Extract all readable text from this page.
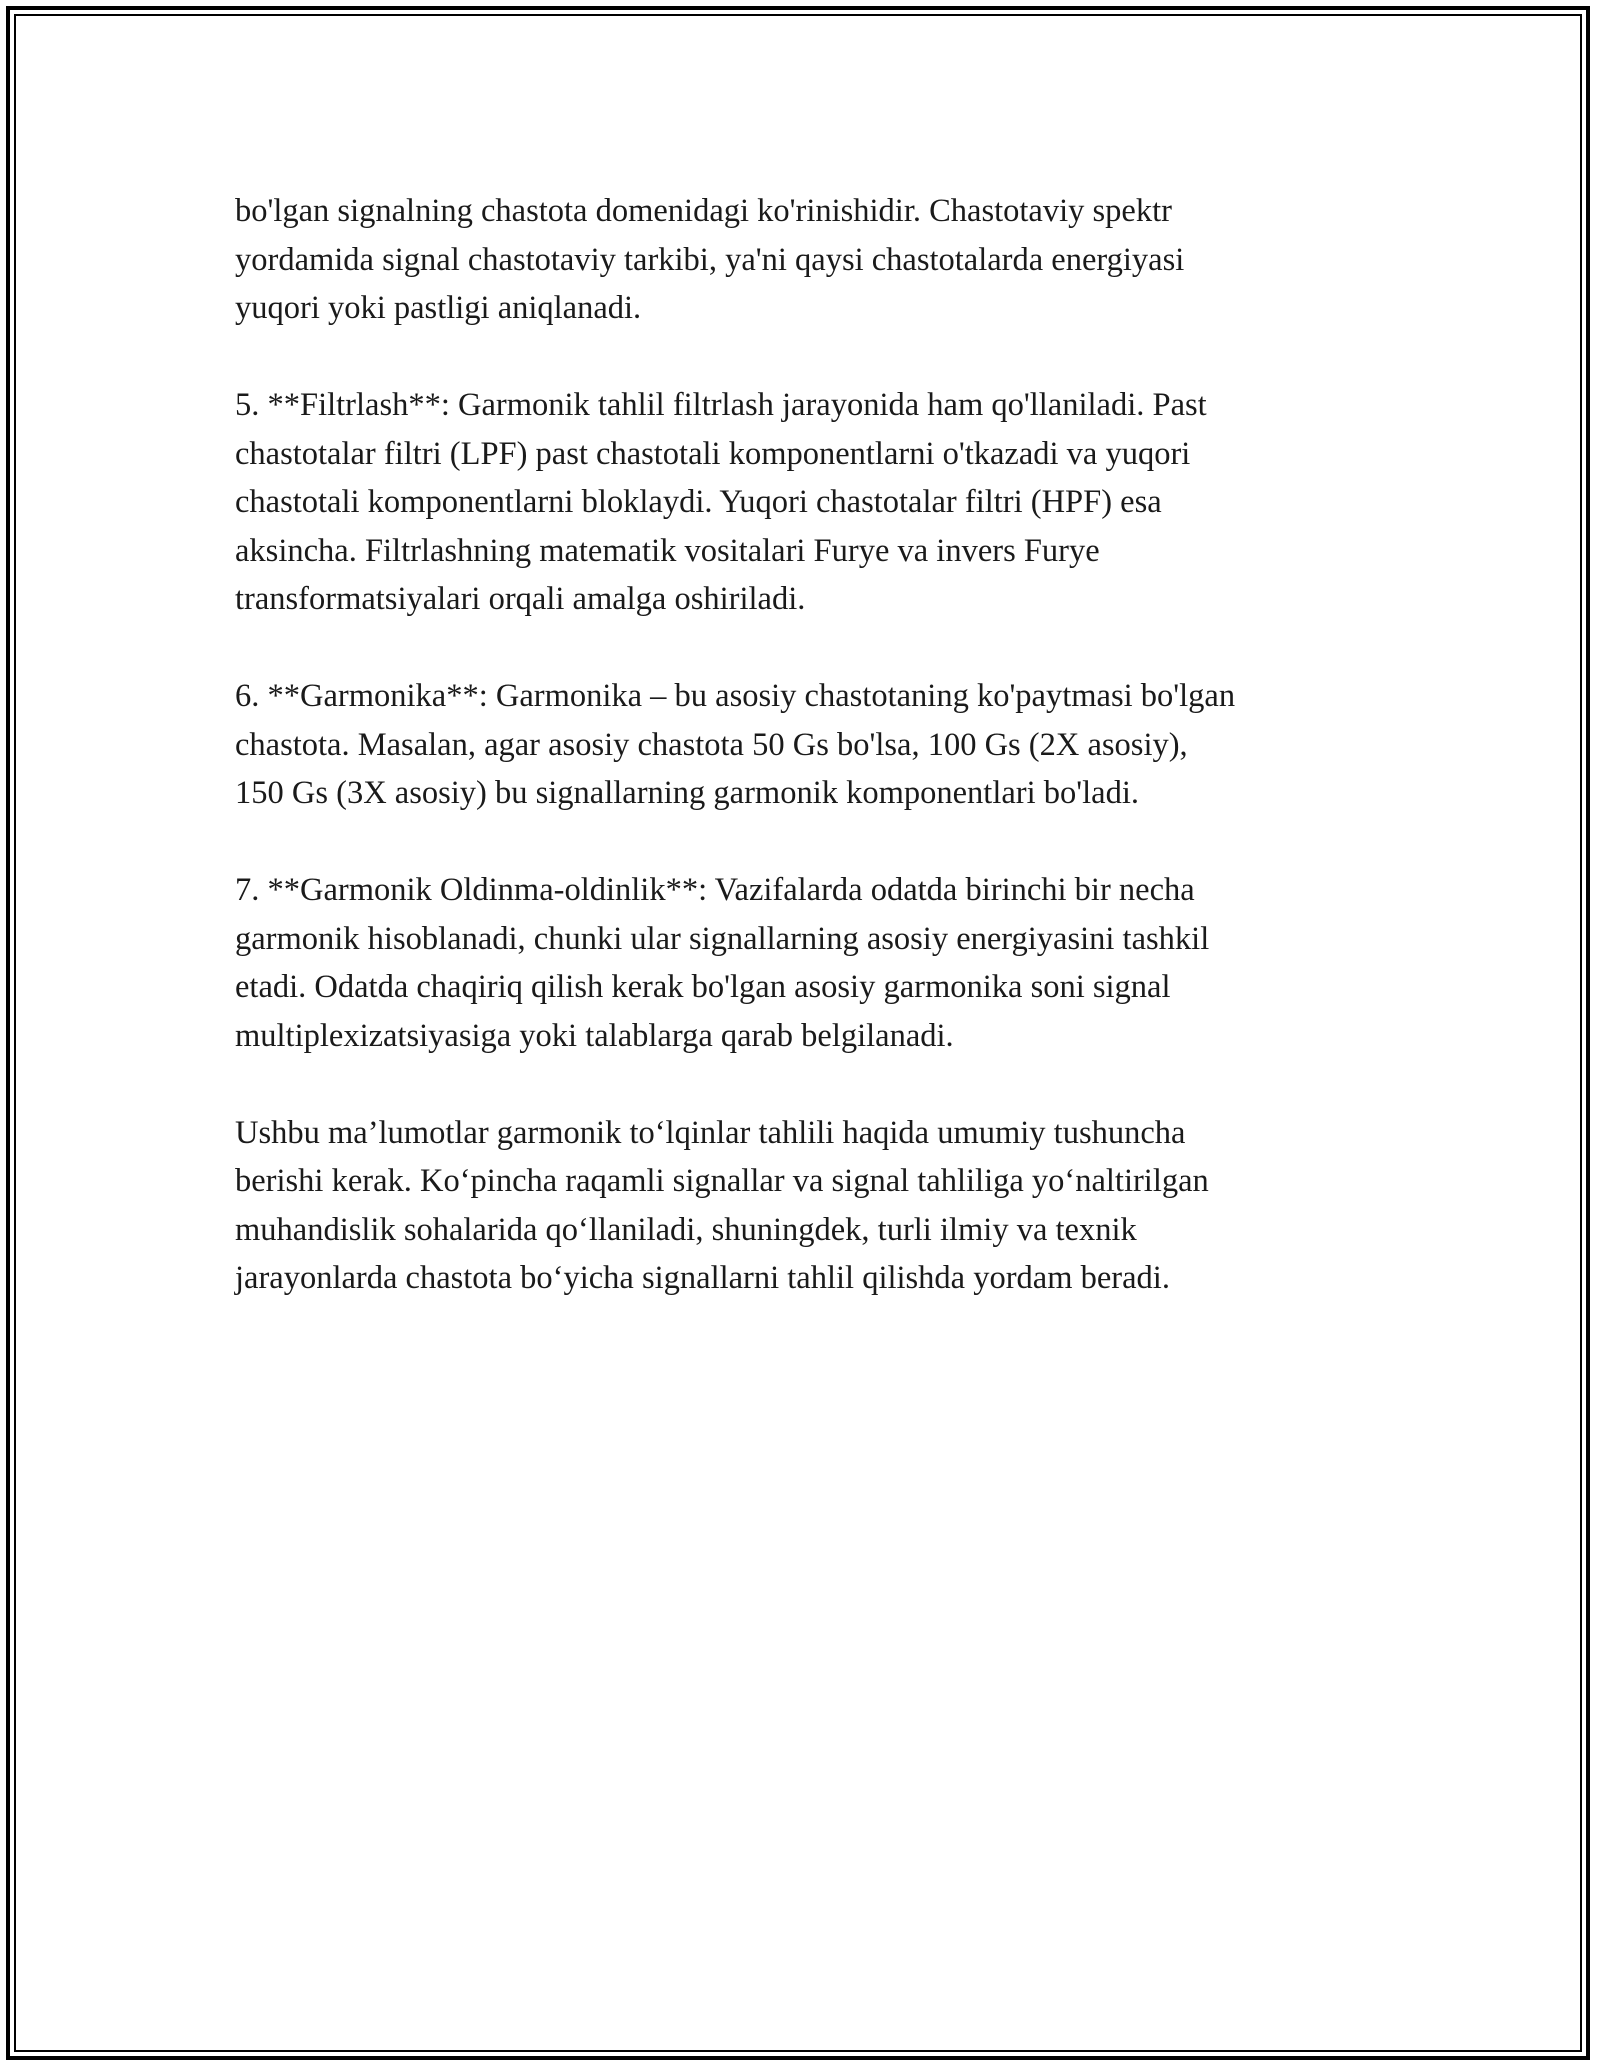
bo'lgan signalning chastota domenidagi ko'rinishidir. Chastotaviy spektr
yordamida signal chastotaviy tarkibi, ya'ni qaysi chastotalarda energiyasi
yuqori yoki pastligi aniqlanadi.

5. **Filtrlash**: Garmonik tahlil filtrlash jarayonida ham qo'llaniladi. Past
chastotalar filtri (LPF) past chastotali komponentlarni o'tkazadi va yuqori
chastotali komponentlarni bloklaydi. Yuqori chastotalar filtri (HPF) esa
aksincha. Filtrlashning matematik vositalari Furye va invers Furye
transformatsiyalari orqali amalga oshiriladi.

6. **Garmonika**: Garmonika – bu asosiy chastotaning ko'paytmasi bo'lgan
chastota. Masalan, agar asosiy chastota 50 Gs bo'lsa, 100 Gs (2X asosiy),
150 Gs (3X asosiy) bu signallarning garmonik komponentlari bo'ladi.

7. **Garmonik Oldinma-oldinlik**: Vazifalarda odatda birinchi bir necha
garmonik hisoblanadi, chunki ular signallarning asosiy energiyasini tashkil
etadi. Odatda chaqiriq qilish kerak bo'lgan asosiy garmonika soni signal
multiplexizatsiyasiga yoki talablarga qarab belgilanadi.

Ushbu ma’lumotlar garmonik to‘lqinlar tahlili haqida umumiy tushuncha
berishi kerak. Ko‘pincha raqamli signallar va signal tahliliga yo‘naltirilgan
muhandislik sohalarida qo‘llaniladi, shuningdek, turli ilmiy va texnik
jarayonlarda chastota bo‘yicha signallarni tahlil qilishda yordam beradi.
